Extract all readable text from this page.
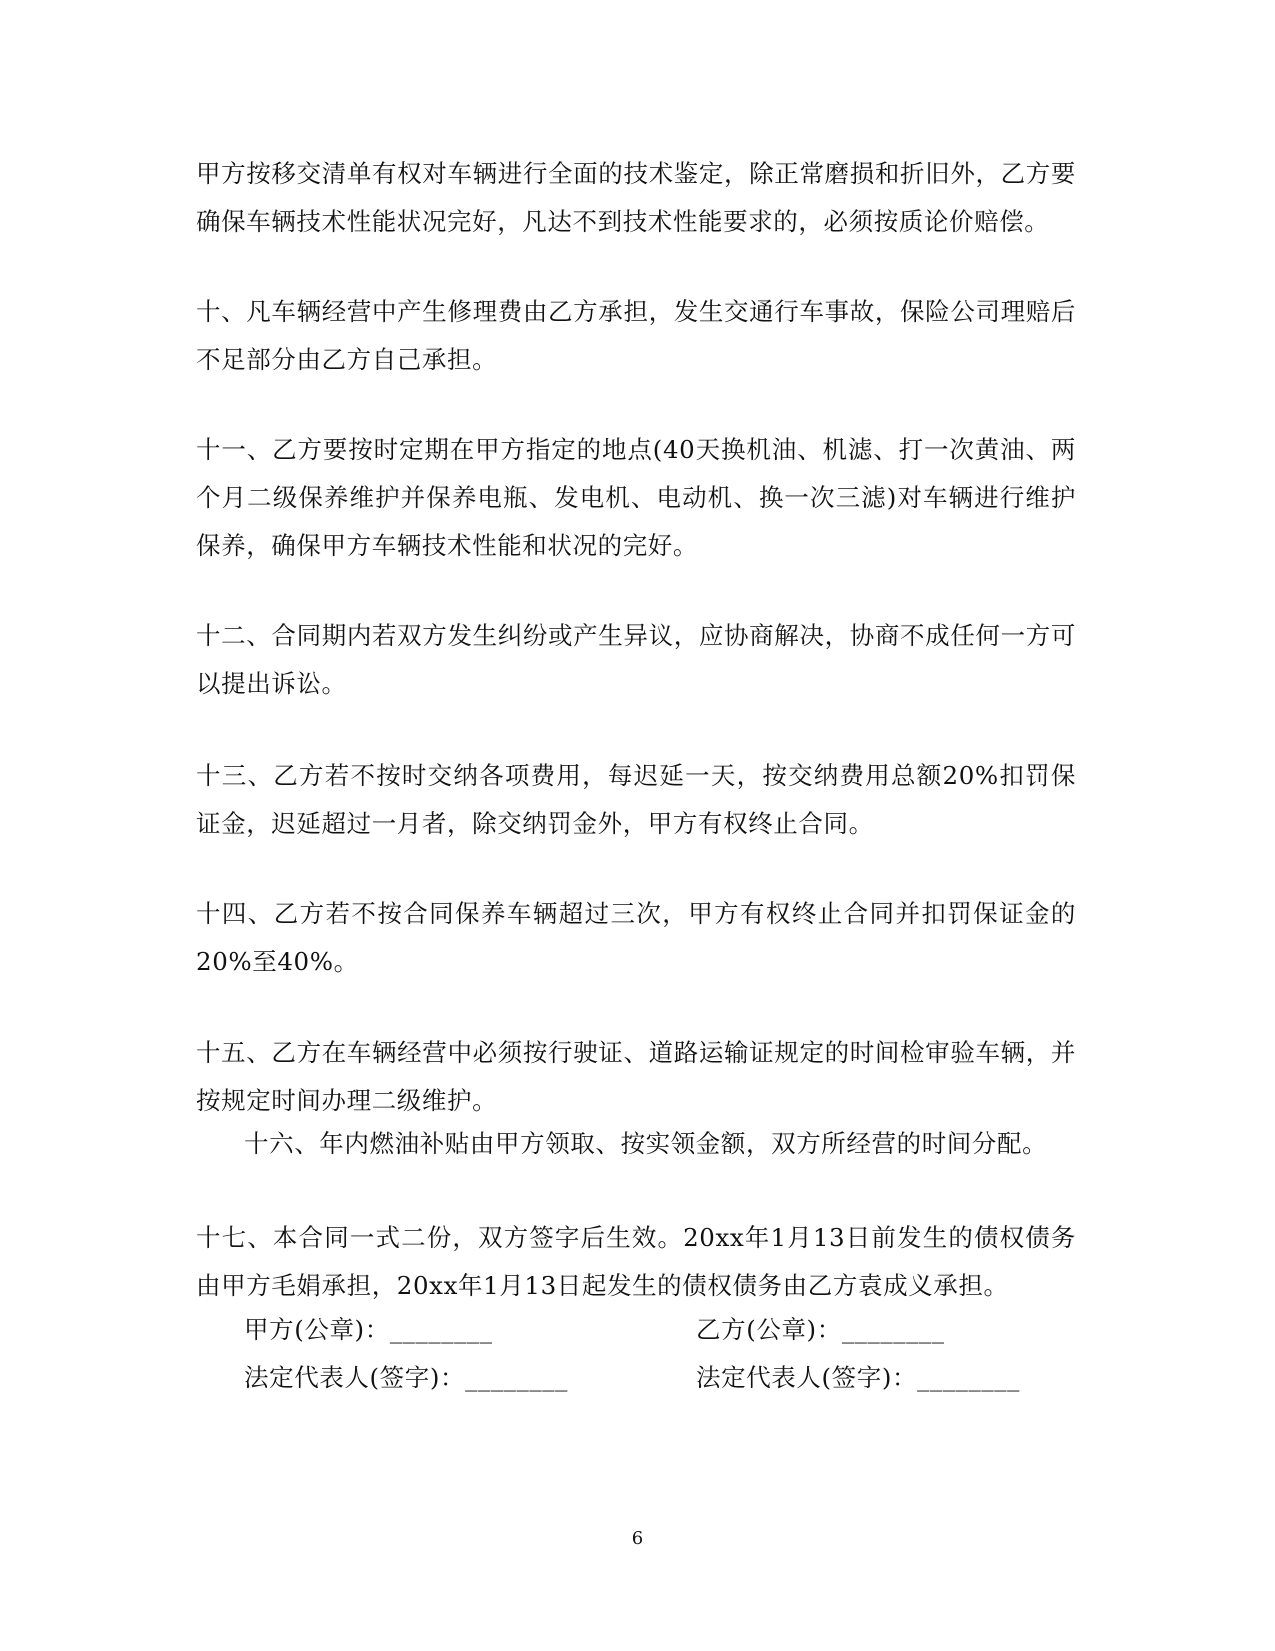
甲方按移交清单有权对车辆进行全面的技术鉴定，除正常磨损和折旧外，乙方要确保车辆技术性能状况完好，凡达不到技术性能要求的，必须按质论价赔偿。

十、凡车辆经营中产生修理费由乙方承担，发生交通行车事故，保险公司理赔后不足部分由乙方自己承担。

十一、乙方要按时定期在甲方指定的地点(40天换机油、机滤、打一次黄油、两个月二级保养维护并保养电瓶、发电机、电动机、换一次三滤)对车辆进行维护保养，确保甲方车辆技术性能和状况的完好。

十二、合同期内若双方发生纠纷或产生异议，应协商解决，协商不成任何一方可以提出诉讼。

十三、乙方若不按时交纳各项费用，每迟延一天，按交纳费用总额20%扣罚保证金，迟延超过一月者，除交纳罚金外，甲方有权终止合同。

十四、乙方若不按合同保养车辆超过三次，甲方有权终止合同并扣罚保证金的20%至40%。

十五、乙方在车辆经营中必须按行驶证、道路运输证规定的时间检审验车辆，并按规定时间办理二级维护。

十六、年内燃油补贴由甲方领取、按实领金额，双方所经营的时间分配。

十七、本合同一式二份，双方签字后生效。20xx年1月13日前发生的债权债务由甲方毛娟承担，20xx年1月13日起发生的债权债务由乙方袁成义承担。

甲方(公章)：________	乙方(公章)：________

法定代表人(签字)：________	法定代表人(签字)：________

6
